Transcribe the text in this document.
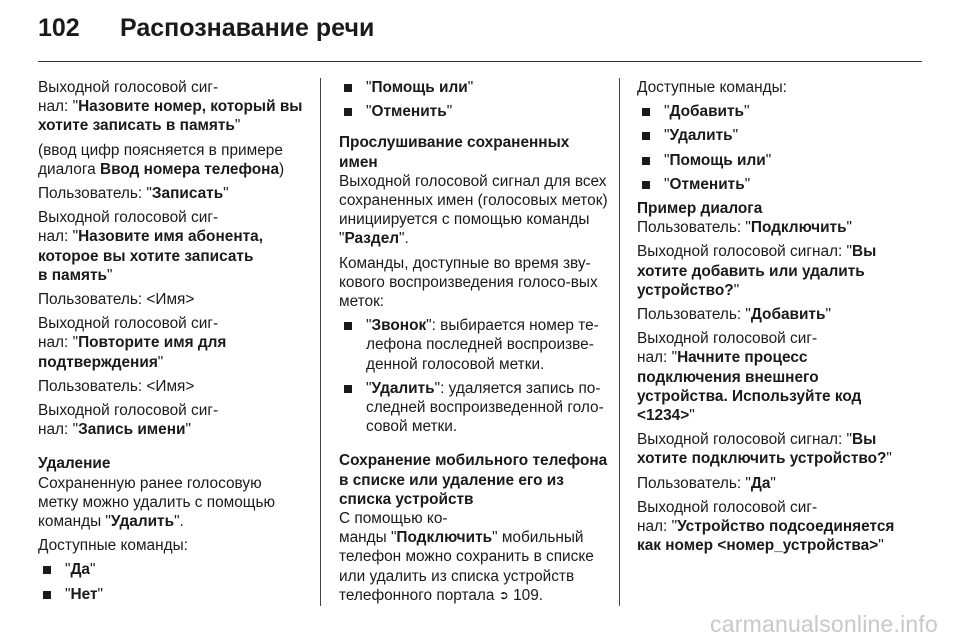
102	Распознавание речи

Выходной голосовой сиг-
нал: "Назовите номер, который вы хотите записать в память"

(ввод цифр поясняется в примере диалога Ввод номера телефона)

Пользователь: "Записать"

Выходной голосовой сиг-
нал: "Назовите имя абонента,
которое вы хотите записать
в память"

Пользователь: <Имя>

Выходной голосовой сиг-
нал: "Повторите имя для
подтверждения"

Пользователь: <Имя>

Выходной голосовой сиг-
нал: "Запись имени"

Удаление

Сохраненную ранее голосовую метку можно удалить с помощью команды "Удалить".

Доступные команды:

"Да"
"Нет"
"Помощь или"
"Отменить"

Прослушивание сохраненных имен

Выходной голосовой сигнал для всех сохраненных имен (голосовых меток) инициируется с помощью команды "Раздел".

Команды, доступные во время зву-кового воспроизведения голосо-вых меток:

"Звонок": выбирается номер те-лефона последней воспроизве-денной голосовой метки.
"Удалить": удаляется запись по-следней воспроизведенной голо-совой метки.

Сохранение мобильного телефона в списке или удаление его из списка устройств

С помощью ко-
манды "Подключить" мобильный телефон можно сохранить в списке или удалить из списка устройств телефонного портала ➲ 109.

Доступные команды:

"Добавить"
"Удалить"
"Помощь или"
"Отменить"

Пример диалога

Пользователь: "Подключить"

Выходной голосовой сигнал: "Вы хотите добавить или удалить устройство?"

Пользователь: "Добавить"

Выходной голосовой сиг-
нал: "Начните процесс
подключения внешнего
устройства. Используйте код
<1234>"

Выходной голосовой сигнал: "Вы хотите подключить устройство?"

Пользователь: "Да"

Выходной голосовой сиг-
нал: "Устройство подсоединяется как номер <номер_устройства>"

carmanualsonline.info
